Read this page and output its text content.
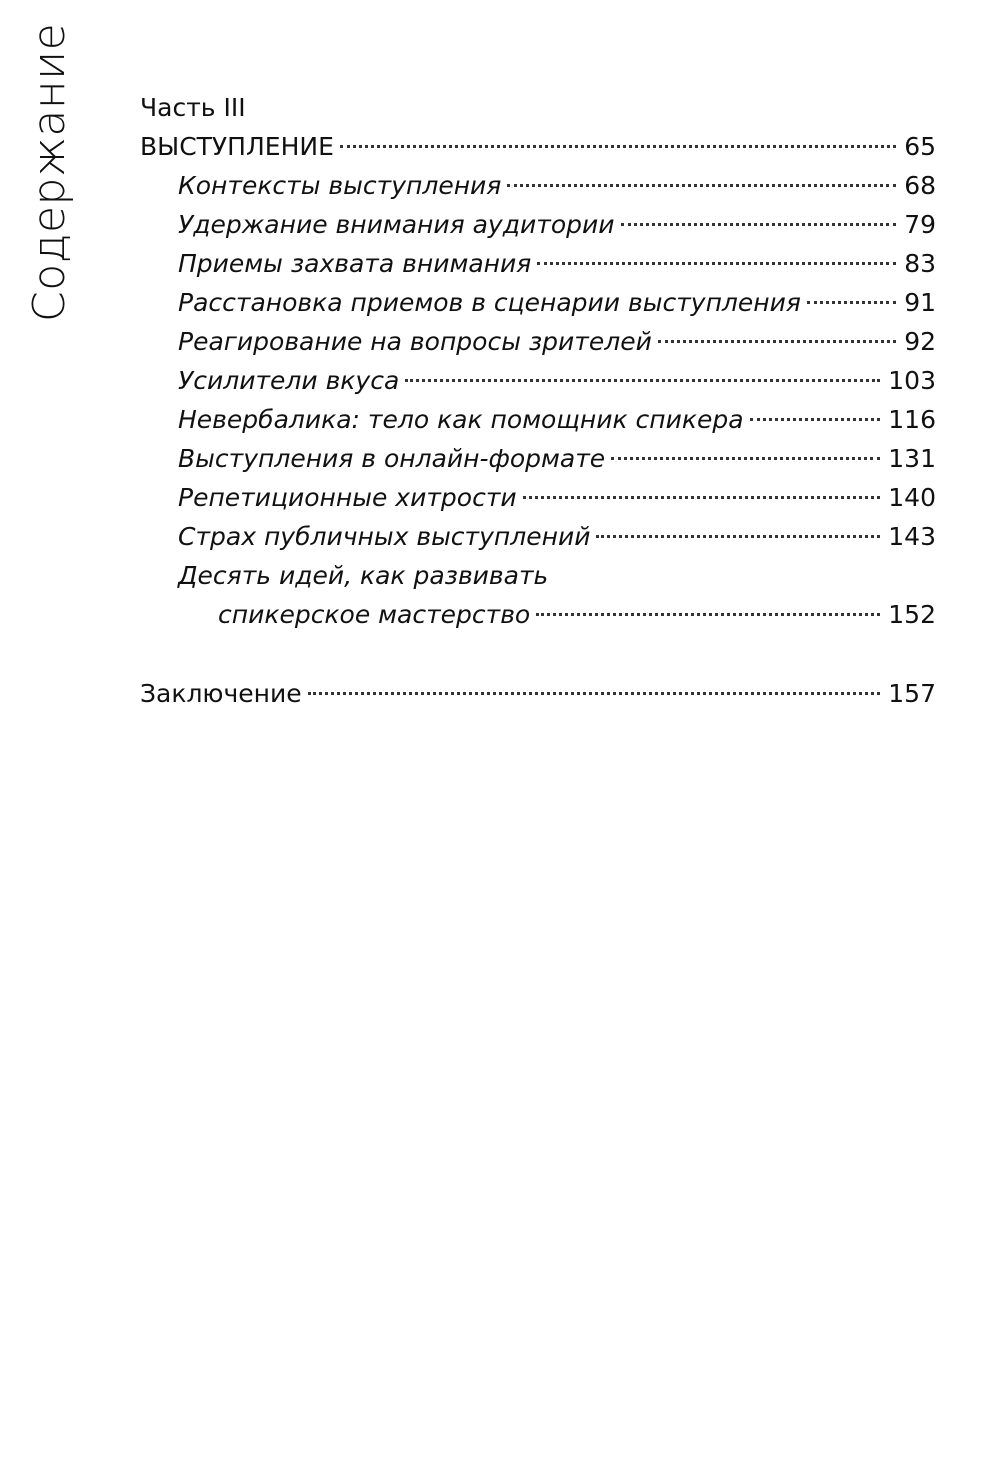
Содержание	Часть III
ВЫСТУПЛЕНИЕ	65
Контексты выступления	68
Удержание внимания аудитории	79
Приемы захвата внимания	83
Расстановка приемов в сценарии выступления	91
Реагирование на вопросы зрителей	92
Усилители вкуса	103
Невербалика: тело как помощник спикера	116
Выступления в онлайн-формате	131
Репетиционные хитрости	140
Страх публичных выступлений	143
Десять идей, как развивать
спикерское мастерство	152
Заключение	157
